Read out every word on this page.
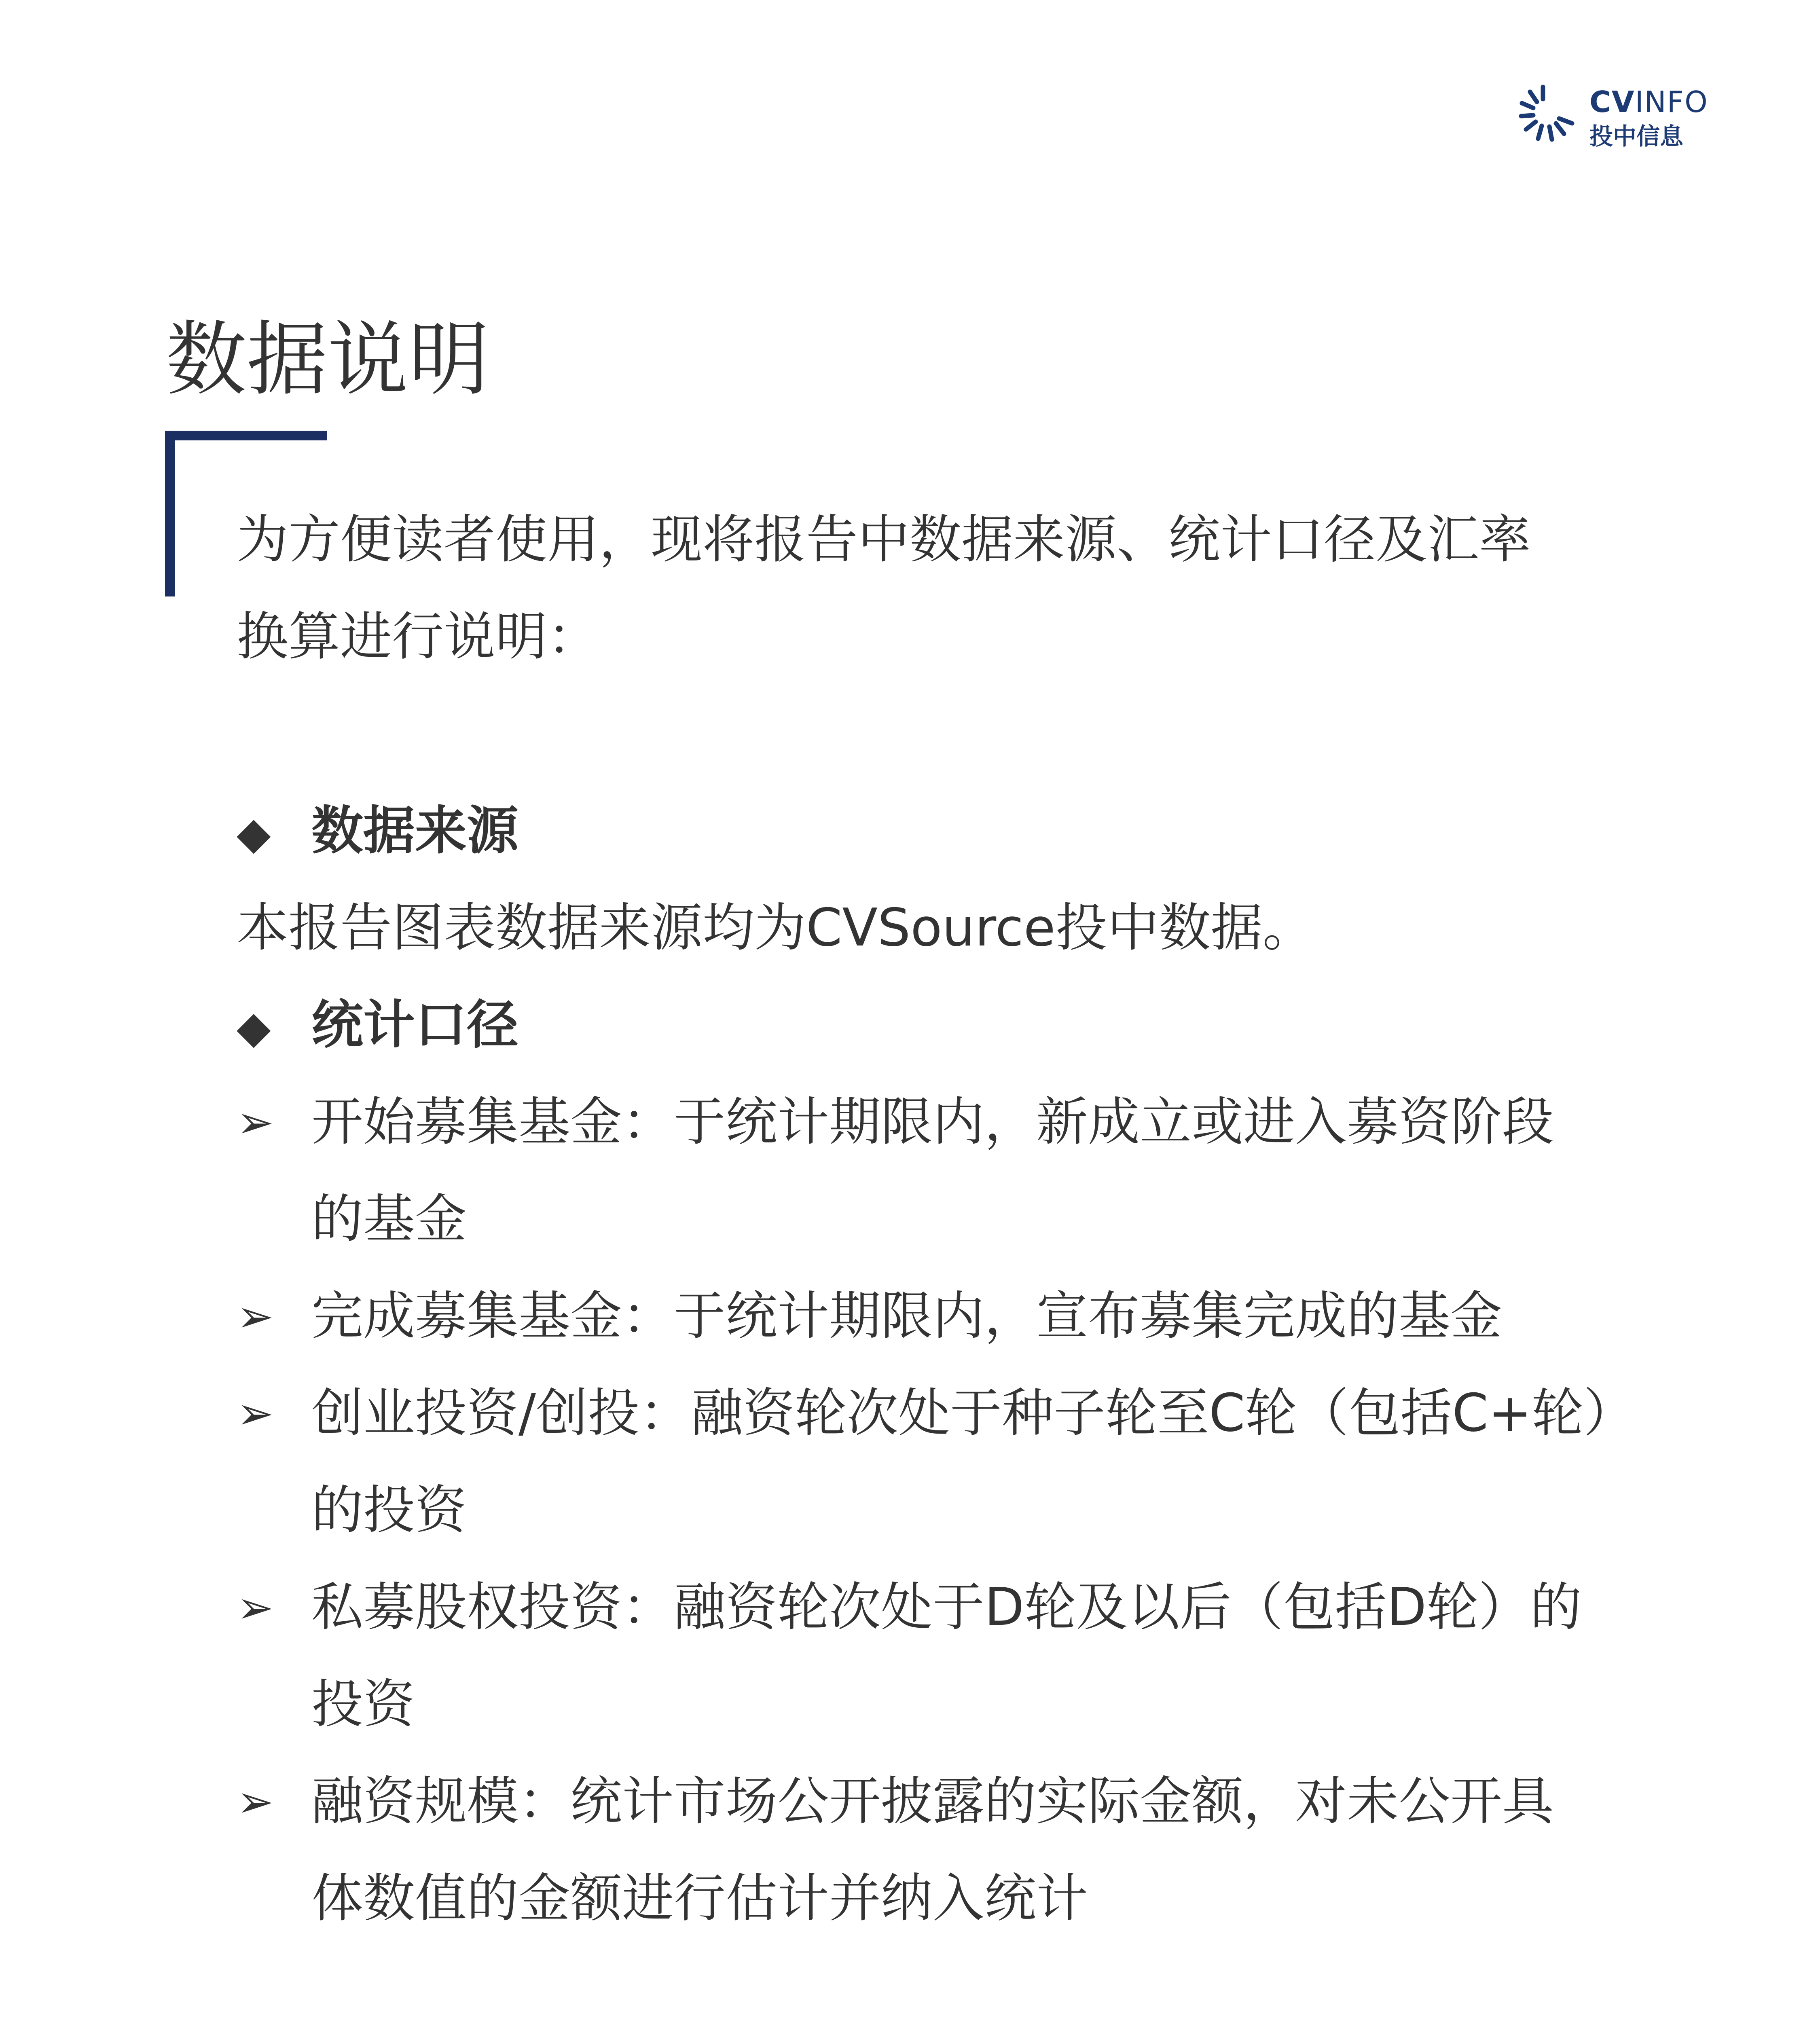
CVINFO
投中信息
数据说明
为方便读者使用，现将报告中数据来源、统计口径及汇率
换算进行说明：
◆ 数据来源
本报告图表数据来源均为CVSource投中数据。
◆ 统计口径
➢ 开始募集基金：于统计期限内，新成立或进入募资阶段
的基金
➢ 完成募集基金：于统计期限内，宣布募集完成的基金
➢ 创业投资/创投：融资轮次处于种子轮至C轮（包括C+轮）
的投资
➢ 私募股权投资：融资轮次处于D轮及以后（包括D轮）的
投资
➢ 融资规模：统计市场公开披露的实际金额，对未公开具
体数值的金额进行估计并纳入统计
